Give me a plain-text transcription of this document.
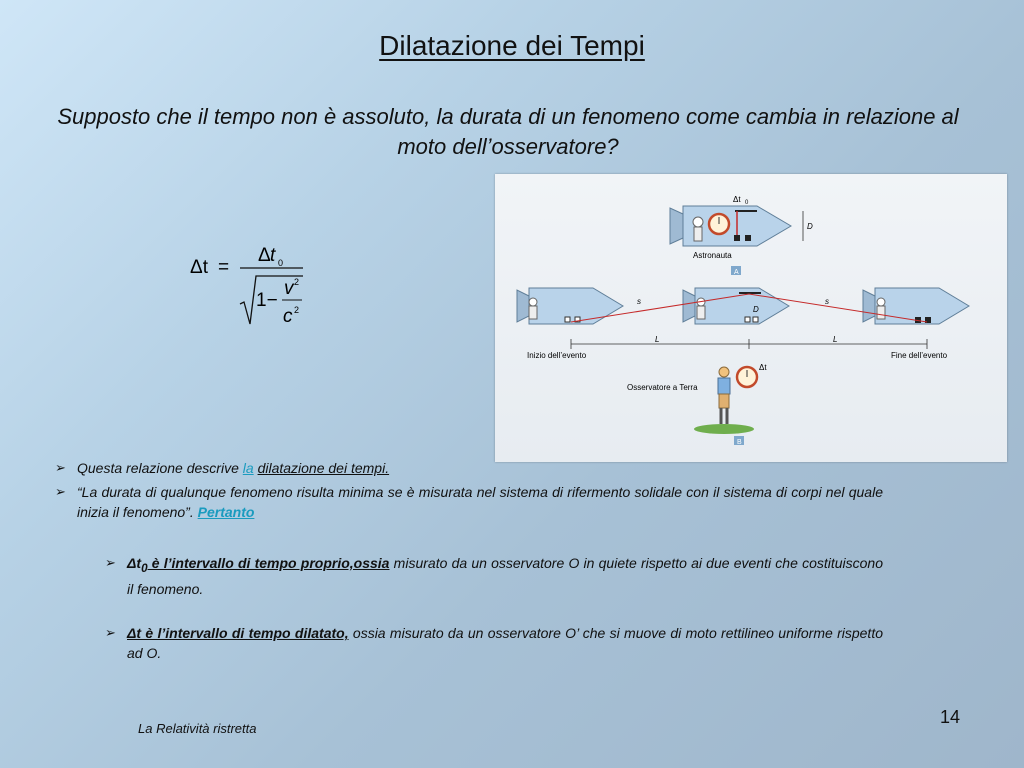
Dilatazione dei Tempi
Supposto che il tempo non è assoluto, la durata di un fenomeno come cambia in relazione al moto dell’osservatore?
Δt =
Δ t 0
1−
v 2
c 2
Δt 0
D
Astronauta
A
s	s
D
L	L
Inizio dell’evento	Fine dell’evento
Δt
Osservatore a Terra
B
➢ Questa relazione descrive la dilatazione dei tempi.
➢ “La durata di qualunque fenomeno risulta minima se è misurata nel sistema di rifermento solidale con il sistema di corpi nel quale inizia il fenomeno”. Pertanto
➢ $\Delta t_0$ è l’intervallo di tempo proprio,ossia misurato da un osservatore O in quiete rispetto ai due eventi che costituiscono il fenomeno.
➢ Δt è l’intervallo di tempo dilatato, ossia misurato da un osservatore O’ che si muove di moto rettilineo uniforme rispetto ad O.
14
La Relatività ristretta
